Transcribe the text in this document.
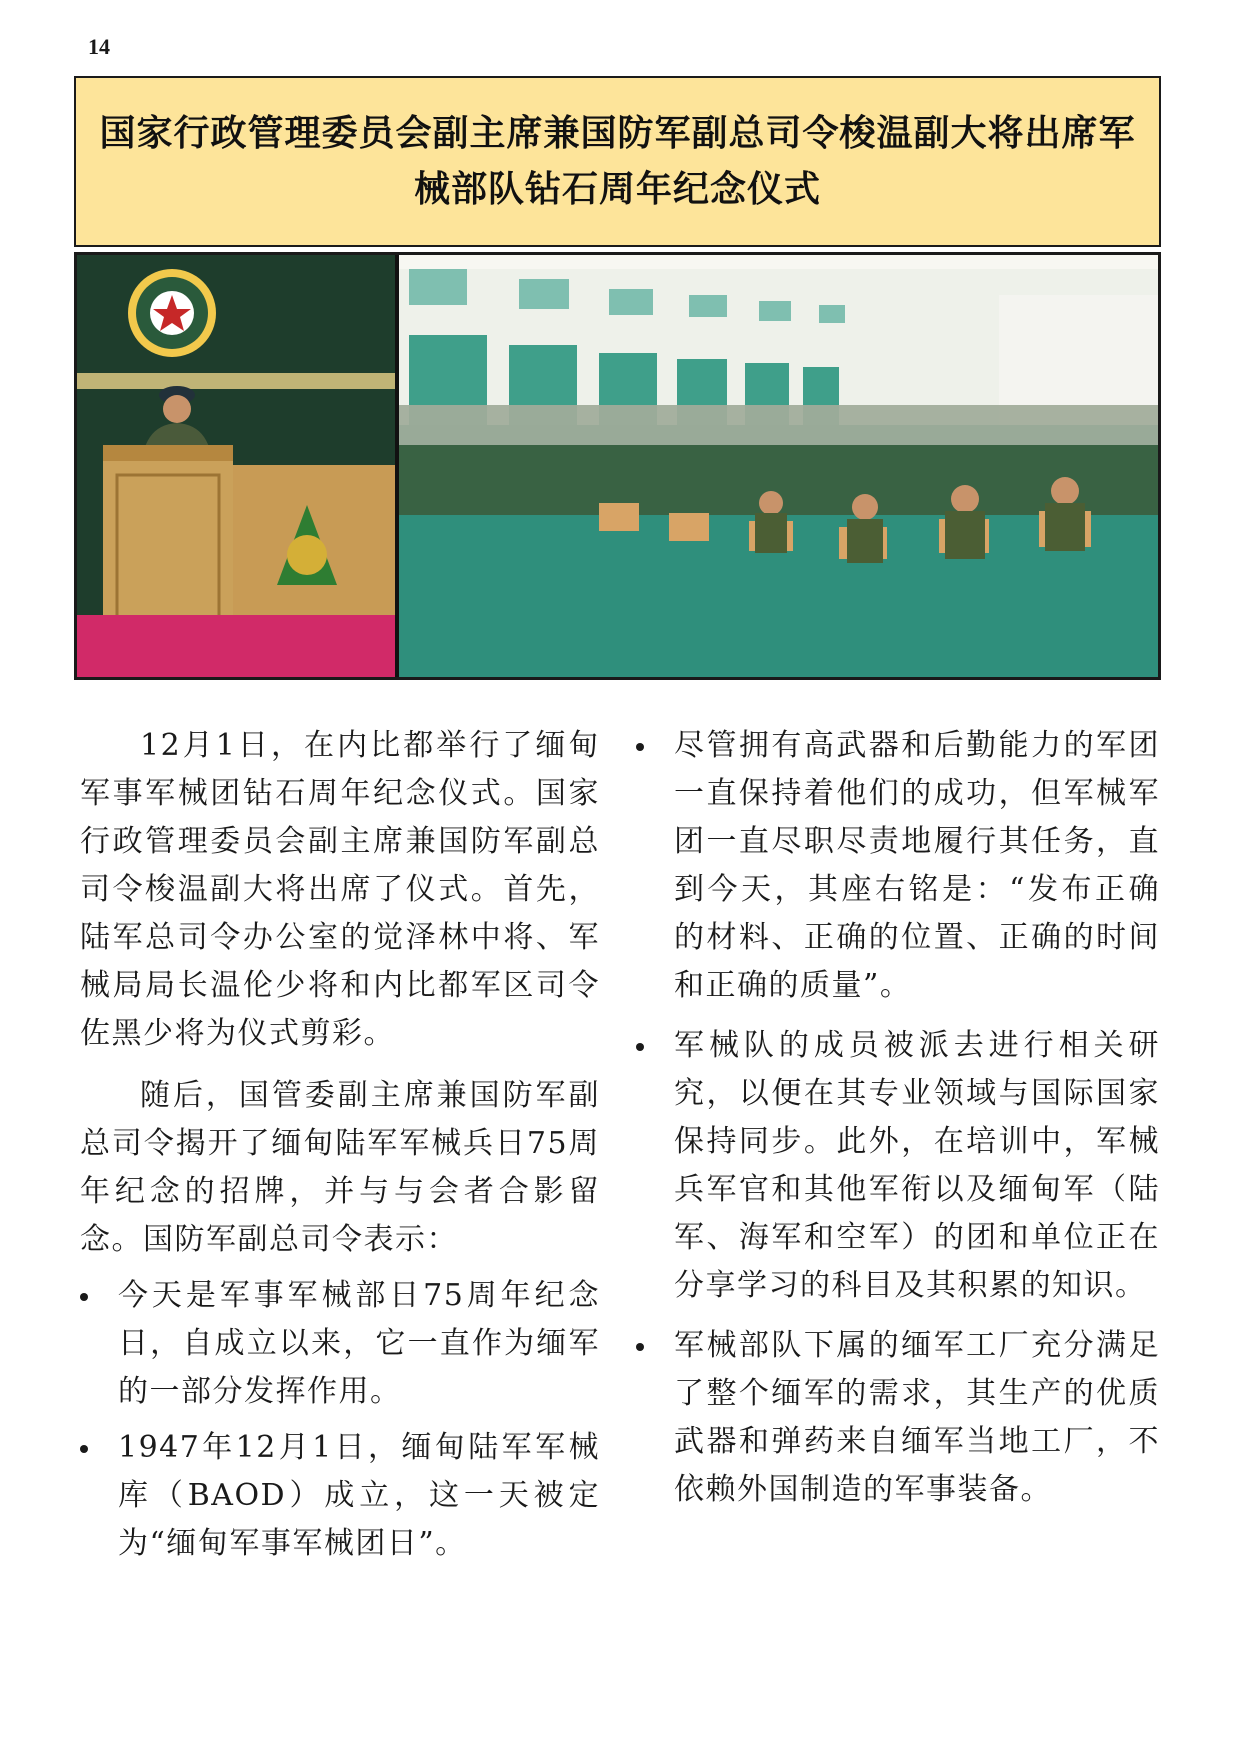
14
国家行政管理委员会副主席兼国防军副总司令梭温副大将出席军
械部队钻石周年纪念仪式

12月1日，在内比都举行了缅甸军事军械团钻石周年纪念仪式。国家行政管理委员会副主席兼国防军副总司令梭温副大将出席了仪式。首先，陆军总司令办公室的觉泽林中将、军械局局长温伦少将和内比都军区司令佐黑少将为仪式剪彩。

随后，国管委副主席兼国防军副总司令揭开了缅甸陆军军械兵日75周年纪念的招牌，并与与会者合影留念。国防军副总司令表示：

今天是军事军械部日75周年纪念日，自成立以来，它一直作为缅军的一部分发挥作用。
1947年12月1日，缅甸陆军军械库（BAOD）成立，这一天被定为“缅甸军事军械团日”。
尽管拥有高武器和后勤能力的军团一直保持着他们的成功，但军械军团一直尽职尽责地履行其任务，直到今天，其座右铭是：“发布正确的材料、正确的位置、正确的时间和正确的质量”。
军械队的成员被派去进行相关研究，以便在其专业领域与国际国家保持同步。此外，在培训中，军械兵军官和其他军衔以及缅甸军（陆军、海军和空军）的团和单位正在分享学习的科目及其积累的知识。
军械部队下属的缅军工厂充分满足了整个缅军的需求，其生产的优质武器和弹药来自缅军当地工厂，不依赖外国制造的军事装备。
